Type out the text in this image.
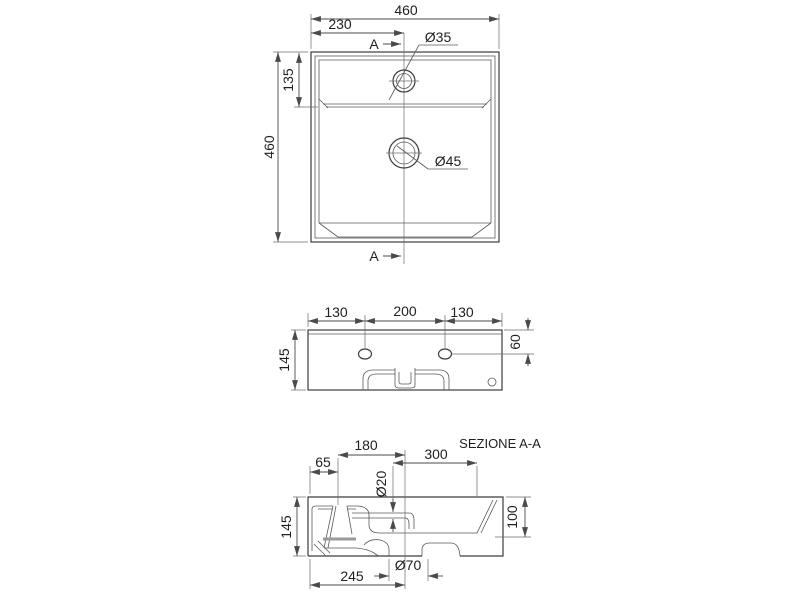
460
230
A	Ø35
Ø45
460
135
A
130	200 130
145
60
SEZIONE A-A
180
65	300
Ø20
145	100
Ø70
245
